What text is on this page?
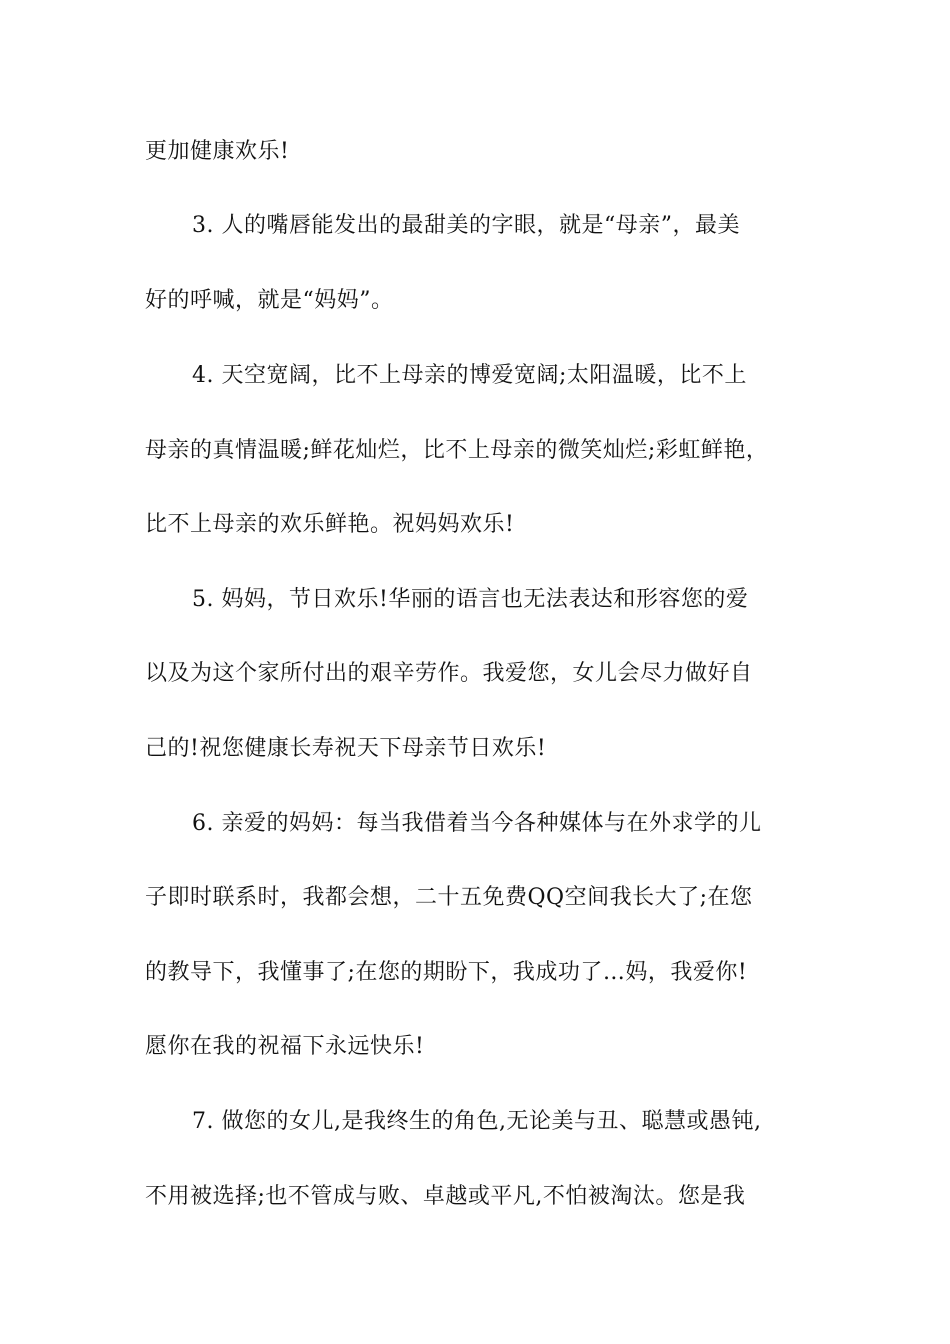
更加健康欢乐!
3. 人的嘴唇能发出的最甜美的字眼，就是“母亲”，最美
好的呼喊，就是“妈妈”。
4. 天空宽阔，比不上母亲的博爱宽阔;太阳温暖，比不上
母亲的真情温暖;鲜花灿烂，比不上母亲的微笑灿烂;彩虹鲜艳，
比不上母亲的欢乐鲜艳。祝妈妈欢乐!
5. 妈妈，节日欢乐!华丽的语言也无法表达和形容您的爱
以及为这个家所付出的艰辛劳作。我爱您，女儿会尽力做好自
己的!祝您健康长寿祝天下母亲节日欢乐!
6. 亲爱的妈妈：每当我借着当今各种媒体与在外求学的儿
子即时联系时，我都会想，二十五免费QQ空间我长大了;在您
的教导下，我懂事了;在您的期盼下，我成功了…妈，我爱你!
愿你在我的祝福下永远快乐!
7. 做您的女儿,是我终生的角色,无论美与丑、聪慧或愚钝,
不用被选择;也不管成与败、卓越或平凡,不怕被淘汰。您是我
